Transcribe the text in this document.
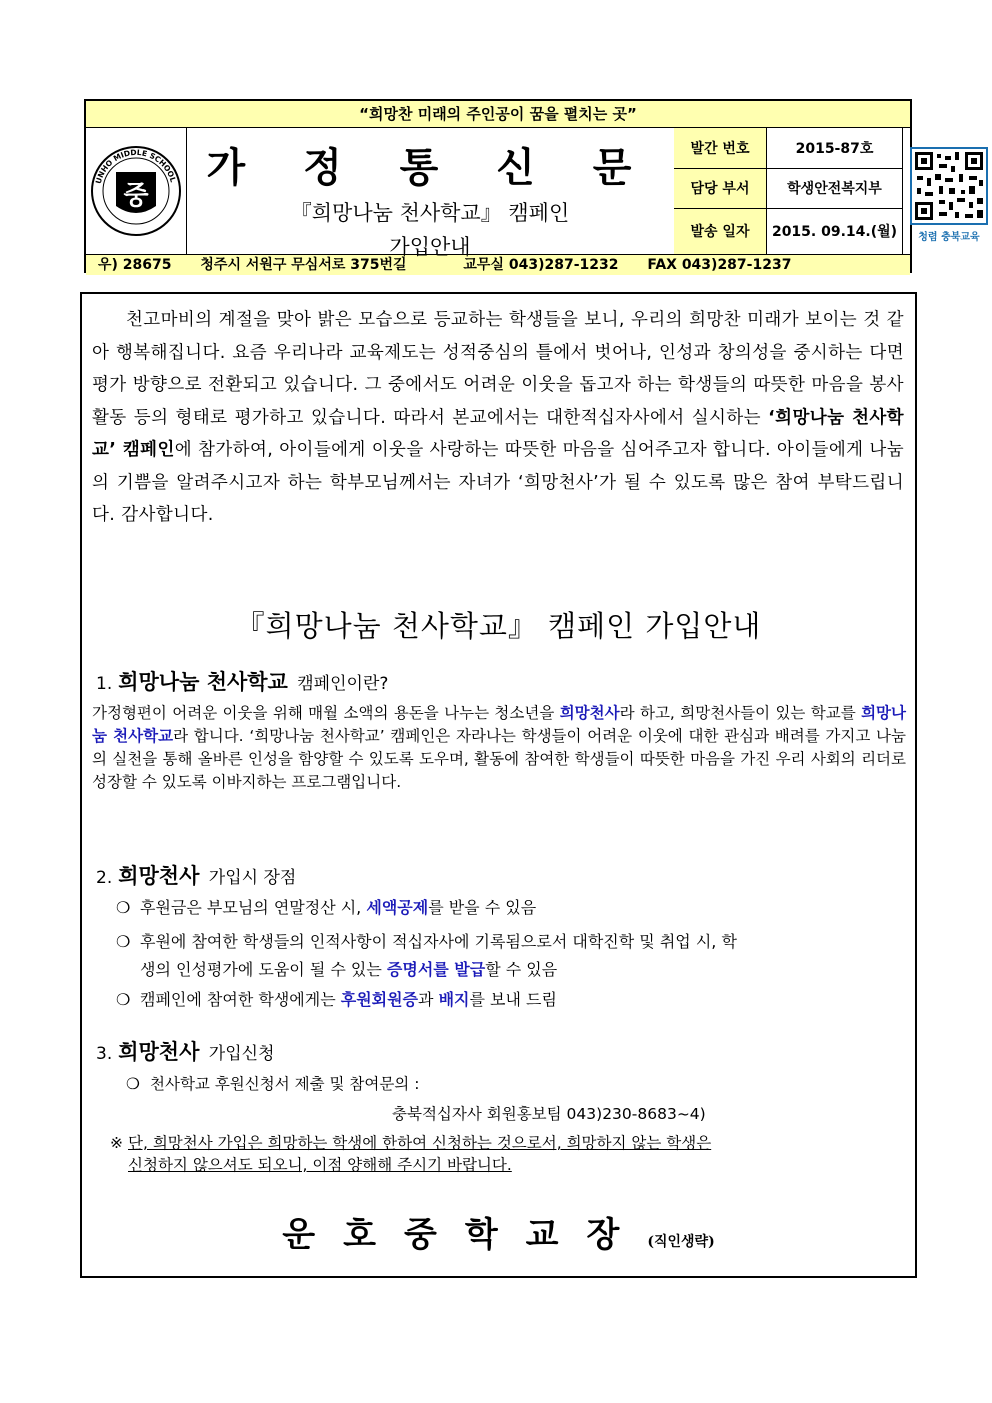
“희망찬 미래의 주인공이 꿈을 펼치는 곳”
UNHO MIDDLE SCHOOL
중
가 정 통 신 문
『희망나눔 천사학교』 캠페인
가입안내
발간 번호	2015-87호
담당 부서	학생안전복지부
발송 일자	2015. 09.14.(월) 청렴 충북교육
우) 28675 청주시 서원구 무심서로 375번길	교무실 043)287-1232 FAX 043)287-1237
천고마비의 계절을 맞아 밝은 모습으로 등교하는 학생들을 보니, 우리의 희망찬 미래가 보이는 것 같아 행복해집니다. 요즘 우리나라 교육제도는 성적중심의 틀에서 벗어나, 인성과 창의성을 중시하는 다면평가 방향으로 전환되고 있습니다. 그 중에서도 어려운 이웃을 돕고자 하는 학생들의 따뜻한 마음을 봉사활동 등의 형태로 평가하고 있습니다. 따라서 본교에서는 대한적십자사에서 실시하는 ‘희망나눔 천사학교’ 캠페인에 참가하여, 아이들에게 이웃을 사랑하는 따뜻한 마음을 심어주고자 합니다. 아이들에게 나눔의 기쁨을 알려주시고자 하는 학부모님께서는 자녀가 ‘희망천사’가 될 수 있도록 많은 참여 부탁드립니다. 감사합니다.
『희망나눔 천사학교』 캠페인 가입안내
1. 희망나눔 천사학교 캠페인이란?
가정형편이 어려운 이웃을 위해 매월 소액의 용돈을 나누는 청소년을 희망천사라 하고, 희망천사들이 있는 학교를 희망나눔 천사학교라 합니다. ‘희망나눔 천사학교’ 캠페인은 자라나는 학생들이 어려운 이웃에 대한 관심과 배려를 가지고 나눔의 실천을 통해 올바른 인성을 함양할 수 있도록 도우며, 활동에 참여한 학생들이 따뜻한 마음을 가진 우리 사회의 리더로 성장할 수 있도록 이바지하는 프로그램입니다.
2. 희망천사 가입시 장점
❍ 후원금은 부모님의 연말정산 시, 세액공제를 받을 수 있음
❍ 후원에 참여한 학생들의 인적사항이 적십자사에 기록됨으로서 대학진학 및 취업 시, 학
생의 인성평가에 도움이 될 수 있는 증명서를 발급할 수 있음
❍ 캠페인에 참여한 학생에게는 후원회원증과 배지를 보내 드림
3. 희망천사 가입신청
❍ 천사학교 후원신청서 제출 및 참여문의 :
충북적십자사 회원홍보팀 043)230-8683~4)
※ 단, 희망천사 가입은 희망하는 학생에 한하여 신청하는 것으로서, 희망하지 않는 학생은
신청하지 않으셔도 되오니, 이점 양해해 주시기 바랍니다.
운호중학교장(직인생략)
